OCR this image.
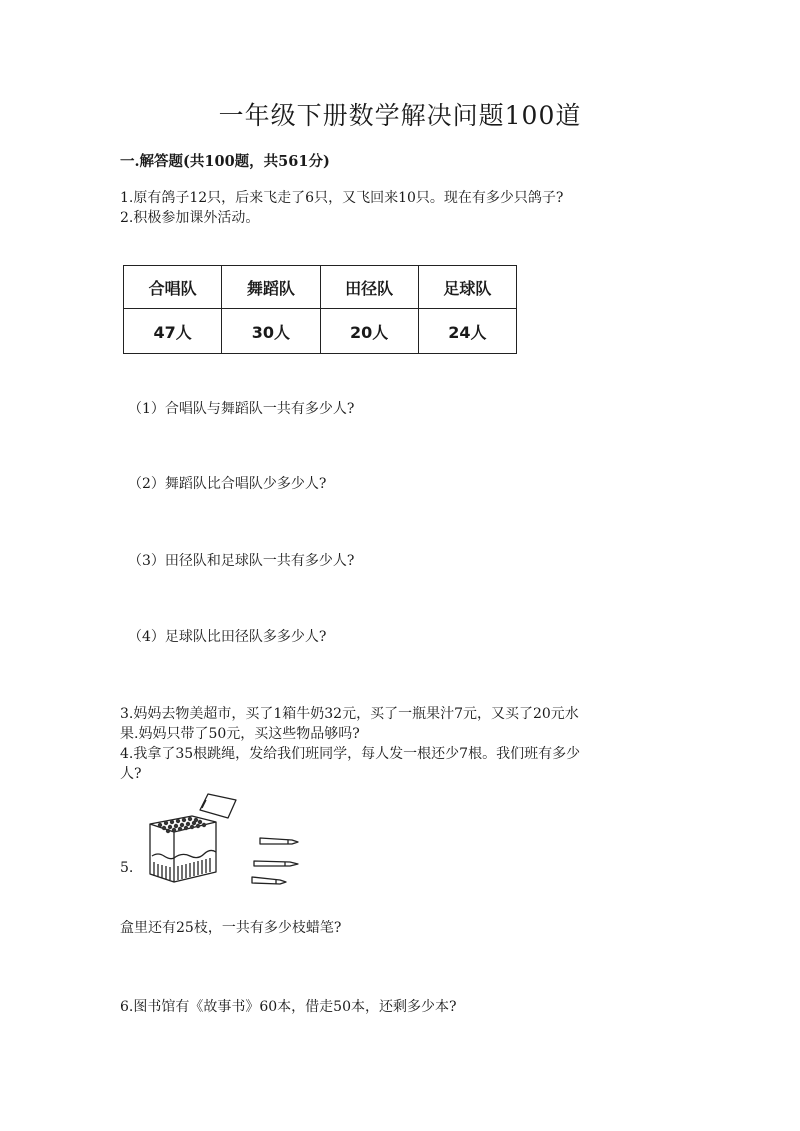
一年级下册数学解决问题100道
一.解答题(共100题，共561分)
1.原有鸽子12只，后来飞走了6只，又飞回来10只。现在有多少只鸽子?
2.积极参加课外活动。
合唱队	舞蹈队	田径队	足球队
47人	30人	20人	24人
（1）合唱队与舞蹈队一共有多少人?
（2）舞蹈队比合唱队少多少人?
（3）田径队和足球队一共有多少人?
（4）足球队比田径队多多少人?
3.妈妈去物美超市，买了1箱牛奶32元，买了一瓶果汁7元，又买了20元水
果.妈妈只带了50元，买这些物品够吗?
4.我拿了35根跳绳，发给我们班同学，每人发一根还少7根。我们班有多少
人?
5.
盒里还有25枝，一共有多少枝蜡笔?
6.图书馆有《故事书》60本，借走50本，还剩多少本?
